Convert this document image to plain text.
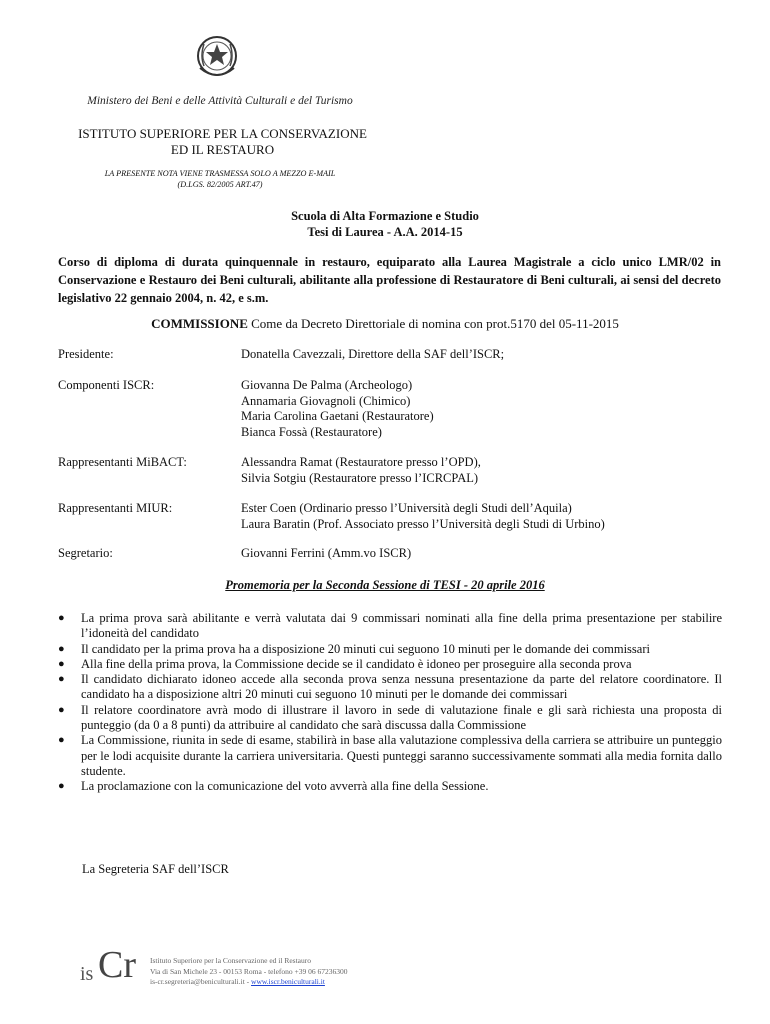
Ministero dei Beni e delle Attività Culturali e del Turismo
ISTITUTO SUPERIORE PER LA CONSERVAZIONE
ED IL RESTAURO
LA PRESENTE NOTA VIENE TRASMESSA SOLO A MEZZO E-MAIL
(D.LGS. 82/2005 ART.47)
Scuola di Alta Formazione e Studio
Tesi di Laurea - A.A. 2014-15
Corso di diploma di durata quinquennale in restauro, equiparato alla Laurea Magistrale a ciclo unico LMR/02 in Conservazione e Restauro dei Beni culturali, abilitante alla professione di Restauratore di Beni culturali, ai sensi del decreto legislativo 22 gennaio 2004, n. 42, e s.m.
COMMISSIONE Come da Decreto Direttoriale di nomina con prot.5170 del 05-11-2015
Presidente:	Donatella Cavezzali, Direttore della SAF dell’ISCR;
Componenti ISCR:	Giovanna De Palma (Archeologo)
Annamaria Giovagnoli (Chimico)
Maria Carolina Gaetani (Restauratore)
Bianca Fossà (Restauratore)
Rappresentanti MiBACT:	Alessandra Ramat (Restauratore presso l’OPD),
Silvia Sotgiu (Restauratore presso l’ICRCPAL)
Rappresentanti MIUR:	Ester Coen (Ordinario presso l’Università degli Studi dell’Aquila)
Laura Baratin (Prof. Associato presso l’Università degli Studi di Urbino)
Segretario:	Giovanni Ferrini (Amm.vo ISCR)
Promemoria per la Seconda Sessione di TESI - 20 aprile 2016
● La prima prova sarà abilitante e verrà valutata dai 9 commissari nominati alla fine della prima presentazione per stabilire l’idoneità del candidato
● Il candidato per la prima prova ha a disposizione 20 minuti cui seguono 10 minuti per le domande dei commissari
● Alla fine della prima prova, la Commissione decide se il candidato è idoneo per proseguire alla seconda prova
● Il candidato dichiarato idoneo accede alla seconda prova senza nessuna presentazione da parte del relatore coordinatore. Il candidato ha a disposizione altri 20 minuti cui seguono 10 minuti per le domande dei commissari
● Il relatore coordinatore avrà modo di illustrare il lavoro in sede di valutazione finale e gli sarà richiesta una proposta di punteggio (da 0 a 8 punti) da attribuire al candidato che sarà discussa dalla Commissione
● La Commissione, riunita in sede di esame, stabilirà in base alla valutazione complessiva della carriera se attribuire un punteggio per le lodi acquisite durante la carriera universitaria. Questi punteggi saranno successivamente sommati alla media fornita dallo studente.
● La proclamazione con la comunicazione del voto avverrà alla fine della Sessione.
La Segreteria SAF dell’ISCR
is Cr Istituto Superiore per la Conservazione ed il Restauro
Via di San Michele 23 - 00153 Roma - telefono +39 06 67236300
is-cr.segreteria@beniculturali.it - www.iscr.beniculturali.it
